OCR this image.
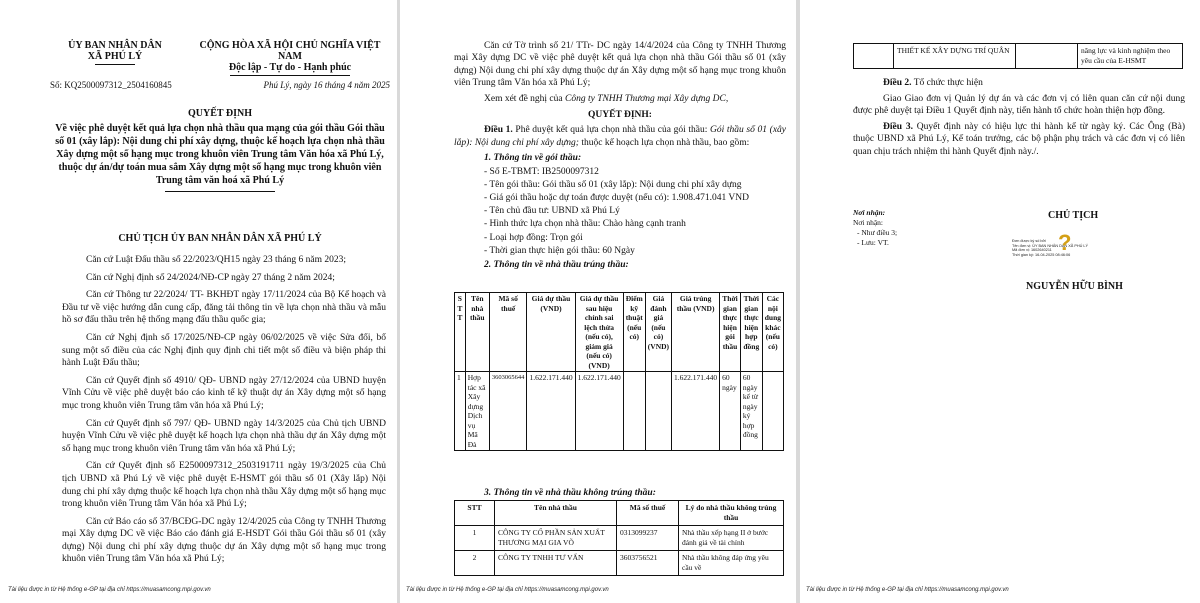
ỦY BAN NHÂN DÂN
XÃ PHÚ LÝ
CỘNG HÒA XÃ HỘI CHỦ NGHĨA VIỆT NAM
Độc lập - Tự do - Hạnh phúc
Số: KQ2500097312_2504160845	Phú Lý, ngày 16 tháng 4 năm 2025
QUYẾT ĐỊNH
Về việc phê duyệt kết quả lựa chọn nhà thầu qua mạng của gói thầu Gói thầu số 01 (xây lắp): Nội dung chi phí xây dựng, thuộc kế hoạch lựa chọn nhà thầu Xây dựng một số hạng mục trong khuôn viên Trung tâm Văn hóa xã Phú Lý, thuộc dự án/dự toán mua sắm Xây dựng một số hạng mục trong khuôn viên Trung tâm văn hoá xã Phú Lý
CHỦ TỊCH ỦY BAN NHÂN DÂN XÃ PHÚ LÝ

Căn cứ Luật Đấu thầu số 22/2023/QH15 ngày 23 tháng 6 năm 2023;

Căn cứ Nghị định số 24/2024/NĐ-CP ngày 27 tháng 2 năm 2024;

Căn cứ Thông tư 22/2024/ TT- BKHĐT ngày 17/11/2024 của Bộ Kế hoạch và Đầu tư về việc hướng dẫn cung cấp, đăng tải thông tin về lựa chọn nhà thầu và mẫu hồ sơ đấu thầu trên hệ thống mạng đấu thầu quốc gia;

Căn cứ Nghị định số 17/2025/NĐ-CP ngày 06/02/2025 về việc Sửa đổi, bổ sung một số điều của các Nghị định quy định chi tiết một số điều và biện pháp thi hành Luật Đấu thầu;

Căn cứ Quyết định số 4910/ QĐ- UBND ngày 27/12/2024 của UBND huyện Vĩnh Cửu về việc phê duyệt báo cáo kinh tế kỹ thuật dự án Xây dựng một số hạng mục trong khuôn viên Trung tâm văn hóa xã Phú Lý;

Căn cứ Quyết định số 797/ QĐ- UBND ngày 14/3/2025 của Chủ tịch UBND huyện Vĩnh Cửu về việc phê duyệt kế hoạch lựa chọn nhà thầu dự án Xây dựng một số hạng mục trong khuôn viên Trung tâm văn hóa xã Phú Lý;

Căn cứ Quyết định số E2500097312_2503191711 ngày 19/3/2025 của Chủ tịch UBND xã Phú Lý về việc phê duyệt E-HSMT gói thầu số 01 (Xây lắp) Nội dung chi phí xây dựng thuộc kế hoạch lựa chọn nhà thầu Xây dựng một số hạng mục trong khuôn viên Trung tâm Văn hóa xã Phú Lý;

Căn cứ Báo cáo số 37/BCĐG-DC ngày 12/4/2025 của Công ty TNHH Thương mại Xây dựng DC về việc Báo cáo đánh giá E-HSDT Gói thầu Gói thầu số 01 (xây dựng) Nội dung chi phí xây dựng thuộc dự án Xây dựng một số hạng mục trong khuôn viên Trung tâm Văn hóa xã Phú Lý;

Tài liệu được in từ Hệ thống e-GP tại địa chỉ https://muasamcong.mpi.gov.vn

Căn cứ Tờ trình số 21/ TTr- DC ngày 14/4/2024 của Công ty TNHH Thương mại Xây dựng DC về việc phê duyệt kết quả lựa chọn nhà thầu Gói thầu số 01 (xây dựng) Nội dung chi phí xây dựng thuộc dự án Xây dựng một số hạng mục trong khuôn viên Trung tâm Văn hóa xã Phú Lý;

Xem xét đề nghị của Công ty TNHH Thương mại Xây dựng DC,

QUYẾT ĐỊNH:

Điều 1. Phê duyệt kết quả lựa chọn nhà thầu của gói thầu: Gói thầu số 01 (xây lắp): Nội dung chi phí xây dựng; thuộc kế hoạch lựa chọn nhà thầu, bao gồm:

1. Thông tin về gói thầu:
- Số E-TBMT: IB2500097312
- Tên gói thầu: Gói thầu số 01 (xây lắp): Nội dung chi phí xây dựng
- Giá gói thầu hoặc dự toán được duyệt (nếu có): 1.908.471.041 VND
- Tên chủ đầu tư: UBND xã Phú Lý
- Hình thức lựa chọn nhà thầu: Chào hàng cạnh tranh
- Loại hợp đồng: Trọn gói
- Thời gian thực hiện gói thầu: 60 Ngày
2. Thông tin về nhà thầu trúng thầu:
S T T	Tên nhà thầu	Mã số thuế	Giá dự thầu (VND)	Giá dự thầu sau hiệu chỉnh sai lệch thừa (nếu có), giảm giá (nếu có) (VND)	Điểm kỹ thuật (nếu có)	Giá đánh giá (nếu có) (VND)	Giá trúng thầu (VND)	Thời gian thực hiện gói thầu	Thời gian thực hiện hợp đồng	Các nội dung khác (nếu có)
1	Hợp tác xã Xây dựng Dịch vụ Mã Đà	3603065644	1.622.171.440	1.622.171.440			1.622.171.440	60 ngày	60 ngày kể từ ngày ký hợp đồng	
3. Thông tin về nhà thầu không trúng thầu:
STT	Tên nhà thầu	Mã số thuế	Lý do nhà thầu không trúng thầu
1	CÔNG TY CỔ PHẦN SẢN XUẤT THƯƠNG MẠI GIA VÕ	0313099237	Nhà thầu xếp hạng II ở bước đánh giá về tài chính
2	CÔNG TY TNHH TƯ VẤN	3603756521	Nhà thầu không đáp ứng yêu cầu về
Tài liệu được in từ Hệ thống e-GP tại địa chỉ https://muasamcong.mpi.gov.vn
	THIẾT KẾ XÂY DỰNG TRÍ QUÂN		năng lực và kinh nghiệm theo yêu cầu của E-HSMT

Điều 2. Tổ chức thực hiện

Giao Giao đơn vị Quản lý dự án và các đơn vị có liên quan căn cứ nội dung được phê duyệt tại Điều 1 Quyết định này, tiến hành tổ chức hoàn thiện hợp đồng.

Điều 3. Quyết định này có hiệu lực thi hành kể từ ngày ký. Các Ông (Bà) thuộc UBND xã Phú Lý, Kế toán trưởng, các bộ phận phụ trách và các đơn vị có liên quan chịu trách nhiệm thi hành Quyết định này./.

Nơi nhận:
Nơi nhận:
- Như điều 3;
- Lưu: VT.
CHỦ TỊCH
?
Đơn được ký số bởi
Tên đơn vị: ỦY BAN NHÂN DÂN XÃ PHÚ LÝ
Mã đơn vị: 1602640211
Thời gian ký: 16-04-2025 08:46:06
NGUYỄN HỮU BÌNH
Tài liệu được in từ Hệ thống e-GP tại địa chỉ https://muasamcong.mpi.gov.vn
